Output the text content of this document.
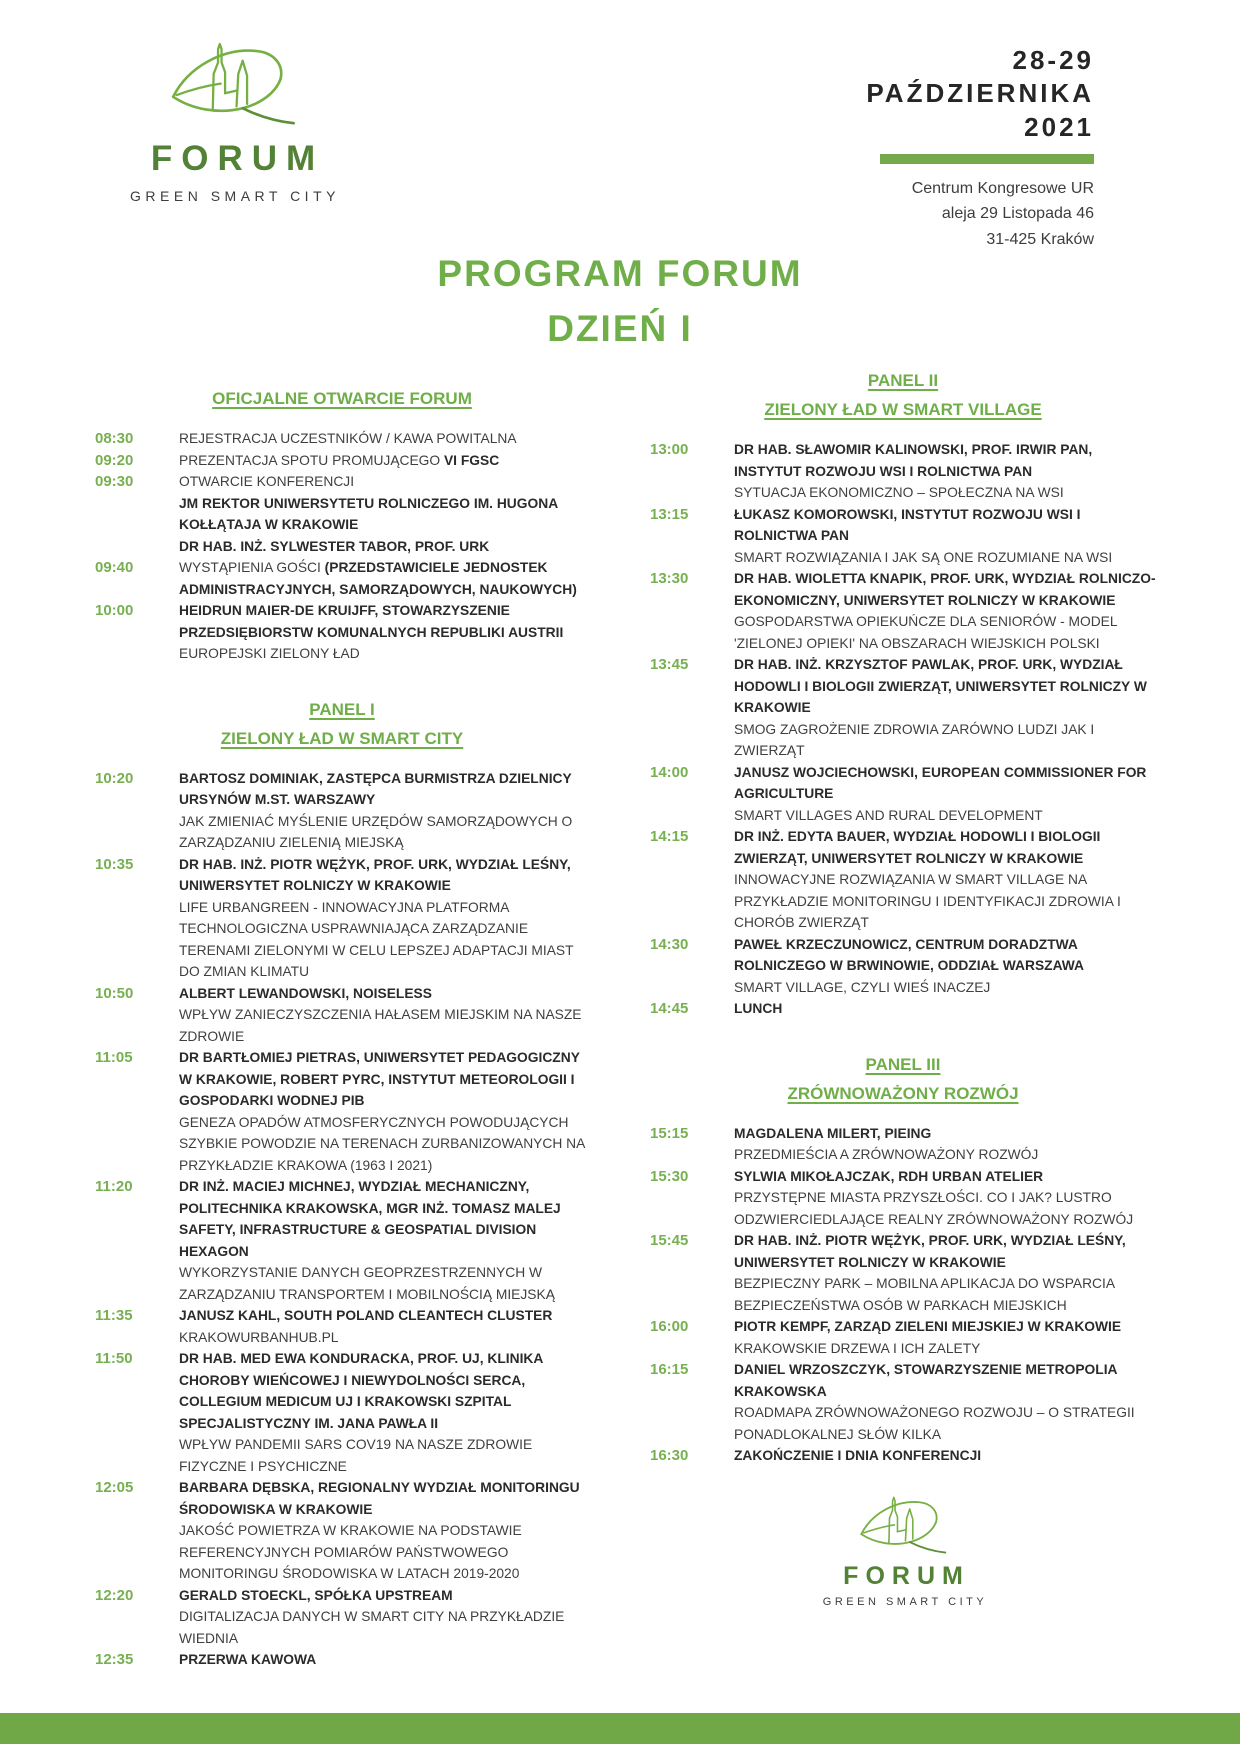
FORUM
GREEN SMART CITY
28-29
PAŹDZIERNIKA
2021
Centrum Kongresowe UR
aleja 29 Listopada 46
31-425 Kraków
PROGRAM FORUM
DZIEŃ I
OFICJALNE OTWARCIE FORUM
08:30	REJESTRACJA UCZESTNIKÓW / KAWA POWITALNA
09:20	PREZENTACJA SPOTU PROMUJĄCEGO VI FGSC
09:30	OTWARCIE KONFERENCJI
JM REKTOR UNIWERSYTETU ROLNICZEGO IM. HUGONA KOŁŁĄTAJA W KRAKOWIE
DR HAB. INŻ. SYLWESTER TABOR, PROF. URK
09:40	WYSTĄPIENIA GOŚCI (PRZEDSTAWICIELE JEDNOSTEK ADMINISTRACYJNYCH, SAMORZĄDOWYCH, NAUKOWYCH)
10:00	HEIDRUN MAIER-DE KRUIJFF, STOWARZYSZENIE PRZEDSIĘBIORSTW KOMUNALNYCH REPUBLIKI AUSTRII
EUROPEJSKI ZIELONY ŁAD
PANEL I
ZIELONY ŁAD W SMART CITY
10:20	BARTOSZ DOMINIAK, ZASTĘPCA BURMISTRZA DZIELNICY URSYNÓW M.ST. WARSZAWY
JAK ZMIENIAĆ MYŚLENIE URZĘDÓW SAMORZĄDOWYCH O ZARZĄDZANIU ZIELENIĄ MIEJSKĄ
10:35	DR HAB. INŻ. PIOTR WĘŻYK, PROF. URK, WYDZIAŁ LEŚNY, UNIWERSYTET ROLNICZY W KRAKOWIE
LIFE URBANGREEN - INNOWACYJNA PLATFORMA TECHNOLOGICZNA USPRAWNIAJĄCA ZARZĄDZANIE TERENAMI ZIELONYMI W CELU LEPSZEJ ADAPTACJI MIAST DO ZMIAN KLIMATU
10:50	ALBERT LEWANDOWSKI, NOISELESS
WPŁYW ZANIECZYSZCZENIA HAŁASEM MIEJSKIM NA NASZE ZDROWIE
11:05	DR BARTŁOMIEJ PIETRAS, UNIWERSYTET PEDAGOGICZNY W KRAKOWIE, ROBERT PYRC, INSTYTUT METEOROLOGII I GOSPODARKI WODNEJ PIB
GENEZA OPADÓW ATMOSFERYCZNYCH POWODUJĄCYCH SZYBKIE POWODZIE NA TERENACH ZURBANIZOWANYCH NA PRZYKŁADZIE KRAKOWA (1963 I 2021)
11:20	DR INŻ. MACIEJ MICHNEJ, WYDZIAŁ MECHANICZNY, POLITECHNIKA KRAKOWSKA, MGR INŻ. TOMASZ MALEJ SAFETY, INFRASTRUCTURE & GEOSPATIAL DIVISION HEXAGON
WYKORZYSTANIE DANYCH GEOPRZESTRZENNYCH W ZARZĄDZANIU TRANSPORTEM I MOBILNOŚCIĄ MIEJSKĄ
11:35	JANUSZ KAHL, SOUTH POLAND CLEANTECH CLUSTER
KRAKOWURBANHUB.PL
11:50	DR HAB. MED EWA KONDURACKA, PROF. UJ, KLINIKA CHOROBY WIEŃCOWEJ I NIEWYDOLNOŚCI SERCA, COLLEGIUM MEDICUM UJ I KRAKOWSKI SZPITAL SPECJALISTYCZNY IM. JANA PAWŁA II
WPŁYW PANDEMII SARS COV19 NA NASZE ZDROWIE FIZYCZNE I PSYCHICZNE
12:05	BARBARA DĘBSKA, REGIONALNY WYDZIAŁ MONITORINGU ŚRODOWISKA W KRAKOWIE
JAKOŚĆ POWIETRZA W KRAKOWIE NA PODSTAWIE REFERENCYJNYCH POMIARÓW PAŃSTWOWEGO MONITORINGU ŚRODOWISKA W LATACH 2019-2020
12:20	GERALD STOECKL, SPÓŁKA UPSTREAM
DIGITALIZACJA DANYCH W SMART CITY NA PRZYKŁADZIE WIEDNIA
12:35	PRZERWA KAWOWA
PANEL II
ZIELONY ŁAD W SMART VILLAGE
13:00	DR HAB. SŁAWOMIR KALINOWSKI, PROF. IRWIR PAN, INSTYTUT ROZWOJU WSI I ROLNICTWA PAN
SYTUACJA EKONOMICZNO – SPOŁECZNA NA WSI
13:15	ŁUKASZ KOMOROWSKI, INSTYTUT ROZWOJU WSI I ROLNICTWA PAN
SMART ROZWIĄZANIA I JAK SĄ ONE ROZUMIANE NA WSI
13:30	DR HAB. WIOLETTA KNAPIK, PROF. URK, WYDZIAŁ ROLNICZO-EKONOMICZNY, UNIWERSYTET ROLNICZY W KRAKOWIE
GOSPODARSTWA OPIEKUŃCZE DLA SENIORÓW - MODEL 'ZIELONEJ OPIEKI' NA OBSZARACH WIEJSKICH POLSKI
13:45	DR HAB. INŻ. KRZYSZTOF PAWLAK, PROF. URK, WYDZIAŁ HODOWLI I BIOLOGII ZWIERZĄT, UNIWERSYTET ROLNICZY W KRAKOWIE
SMOG ZAGROŻENIE ZDROWIA ZARÓWNO LUDZI JAK I ZWIERZĄT
14:00	JANUSZ WOJCIECHOWSKI, EUROPEAN COMMISSIONER FOR AGRICULTURE
SMART VILLAGES AND RURAL DEVELOPMENT
14:15	DR INŻ. EDYTA BAUER, WYDZIAŁ HODOWLI I BIOLOGII ZWIERZĄT, UNIWERSYTET ROLNICZY W KRAKOWIE
INNOWACYJNE ROZWIĄZANIA W SMART VILLAGE NA PRZYKŁADZIE MONITORINGU I IDENTYFIKACJI ZDROWIA I CHORÓB ZWIERZĄT
14:30	PAWEŁ KRZECZUNOWICZ, CENTRUM DORADZTWA ROLNICZEGO W BRWINOWIE, ODDZIAŁ WARSZAWA
SMART VILLAGE, CZYLI WIEŚ INACZEJ
14:45	LUNCH
PANEL III
ZRÓWNOWAŻONY ROZWÓJ
15:15	MAGDALENA MILERT, PIEING
PRZEDMIEŚCIA A ZRÓWNOWAŻONY ROZWÓJ
15:30	SYLWIA MIKOŁAJCZAK, RDH URBAN ATELIER
PRZYSTĘPNE MIASTA PRZYSZŁOŚCI. CO I JAK? LUSTRO ODZWIERCIEDLAJĄCE REALNY ZRÓWNOWAŻONY ROZWÓJ
15:45	DR HAB. INŻ. PIOTR WĘŻYK, PROF. URK, WYDZIAŁ LEŚNY, UNIWERSYTET ROLNICZY W KRAKOWIE
BEZPIECZNY PARK – MOBILNA APLIKACJA DO WSPARCIA BEZPIECZEŃSTWA OSÓB W PARKACH MIEJSKICH
16:00	PIOTR KEMPF, ZARZĄD ZIELENI MIEJSKIEJ W KRAKOWIE
KRAKOWSKIE DRZEWA I ICH ZALETY
16:15	DANIEL WRZOSZCZYK, STOWARZYSZENIE METROPOLIA KRAKOWSKA
ROADMAPA ZRÓWNOWAŻONEGO ROZWOJU – O STRATEGII PONADLOKALNEJ SŁÓW KILKA
16:30	ZAKOŃCZENIE I DNIA KONFERENCJI
FORUM
GREEN SMART CITY
